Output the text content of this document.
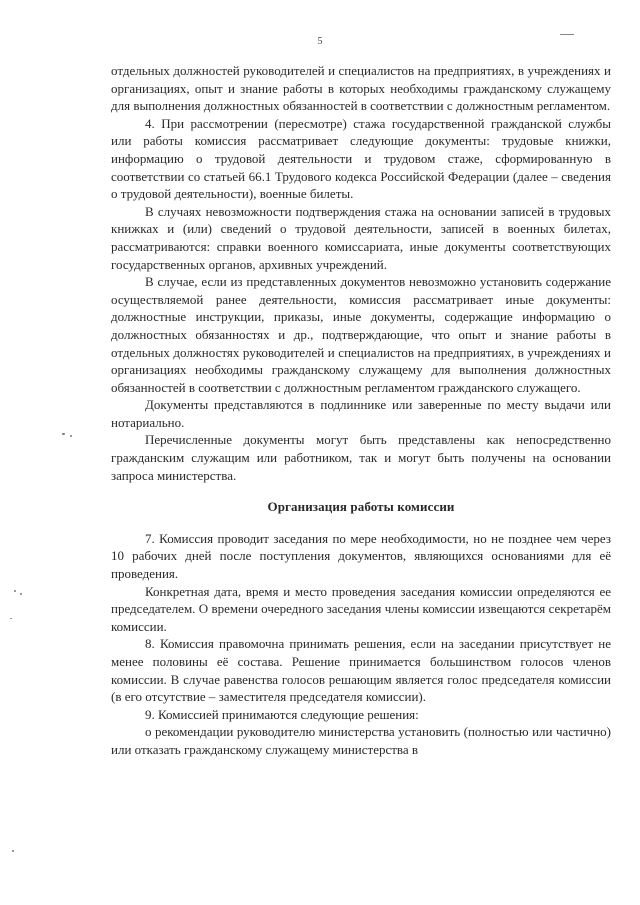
5

отдельных должностей руководителей и специалистов на предприятиях, в учреждениях и организациях, опыт и знание работы в которых необходимы гражданскому служащему для выполнения должностных обязанностей в соответствии с должностным регламентом.

4. При рассмотрении (пересмотре) стажа государственной гражданской службы или работы комиссия рассматривает следующие документы: трудовые книжки, информацию о трудовой деятельности и трудовом стаже, сформированную в соответствии со статьей 66.1 Трудового кодекса Российской Федерации (далее – сведения о трудовой деятельности), военные билеты.

В случаях невозможности подтверждения стажа на основании записей в трудовых книжках и (или) сведений о трудовой деятельности, записей в военных билетах, рассматриваются: справки военного комиссариата, иные документы соответствующих государственных органов, архивных учреждений.

В случае, если из представленных документов невозможно установить содержание осуществляемой ранее деятельности, комиссия рассматривает иные документы: должностные инструкции, приказы, иные документы, содержащие информацию о должностных обязанностях и др., подтверждающие, что опыт и знание работы в отдельных должностях руководителей и специалистов на предприятиях, в учреждениях и организациях необходимы гражданскому служащему для выполнения должностных обязанностей в соответствии с должностным регламентом гражданского служащего.

Документы представляются в подлиннике или заверенные по месту выдачи или нотариально.

Перечисленные документы могут быть представлены как непосредственно гражданским служащим или работником, так и могут быть получены на основании запроса министерства.

Организация работы комиссии

7. Комиссия проводит заседания по мере необходимости, но не позднее чем через 10 рабочих дней после поступления документов, являющихся основаниями для её проведения.

Конкретная дата, время и место проведения заседания комиссии определяются ее председателем. О времени очередного заседания члены комиссии извещаются секретарём комиссии.

8. Комиссия правомочна принимать решения, если на заседании присутствует не менее половины её состава. Решение принимается большинством голосов членов комиссии. В случае равенства голосов решающим является голос председателя комиссии (в его отсутствие – заместителя председателя комиссии).

9. Комиссией принимаются следующие решения:

о рекомендации руководителю министерства установить (полностью или частично) или отказать гражданскому служащему министерства в
